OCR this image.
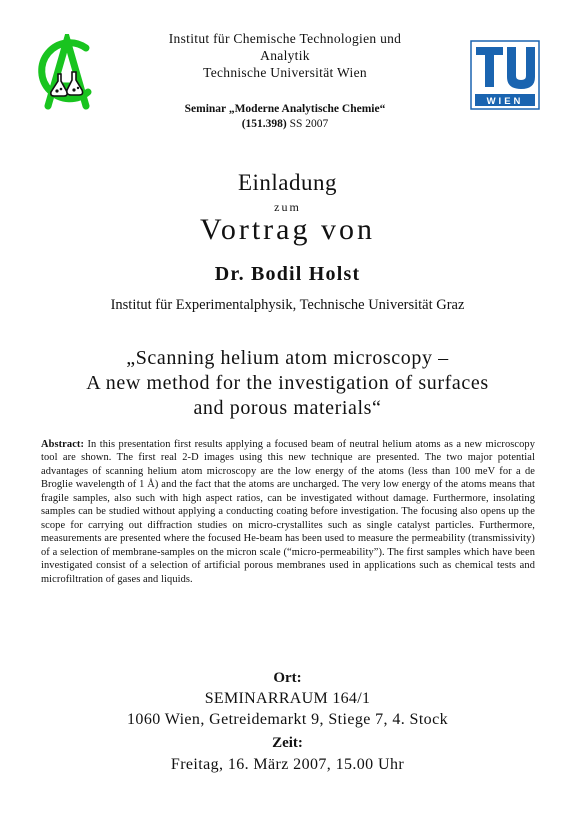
WIEN
Institut für Chemische Technologien und
Analytik
Technische Universität Wien
Seminar „Moderne Analytische Chemie“
(151.398) SS 2007
Einladung
zum
Vortrag von
Dr. Bodil Holst
Institut für Experimentalphysik, Technische Universität Graz
„Scanning helium atom microscopy –
A new method for the investigation of surfaces
and porous materials“
Abstract: In this presentation first results applying a focused beam of neutral helium atoms as a new microscopy tool are shown. The first real 2-D images using this new technique are presented. The two major potential advantages of scanning helium atom microscopy are the low energy of the atoms (less than 100 meV for a de Broglie wavelength of 1 Å) and the fact that the atoms are uncharged. The very low energy of the atoms means that fragile samples, also such with high aspect ratios, can be investigated without damage. Furthermore, insolating samples can be studied without applying a conducting coating before investigation. The focusing also opens up the scope for carrying out diffraction studies on micro-crystallites such as single catalyst particles. Furthermore, measurements are presented where the focused He-beam has been used to measure the permeability (transmissivity) of a selection of membrane-samples on the micron scale (“micro-permeability”). The first samples which have been investigated consist of a selection of artificial porous membranes used in applications such as chemical tests and microfiltration of gases and liquids.
Ort:
SEMINARRAUM 164/1
1060 Wien, Getreidemarkt 9, Stiege 7, 4. Stock
Zeit:
Freitag, 16. März 2007, 15.00 Uhr
